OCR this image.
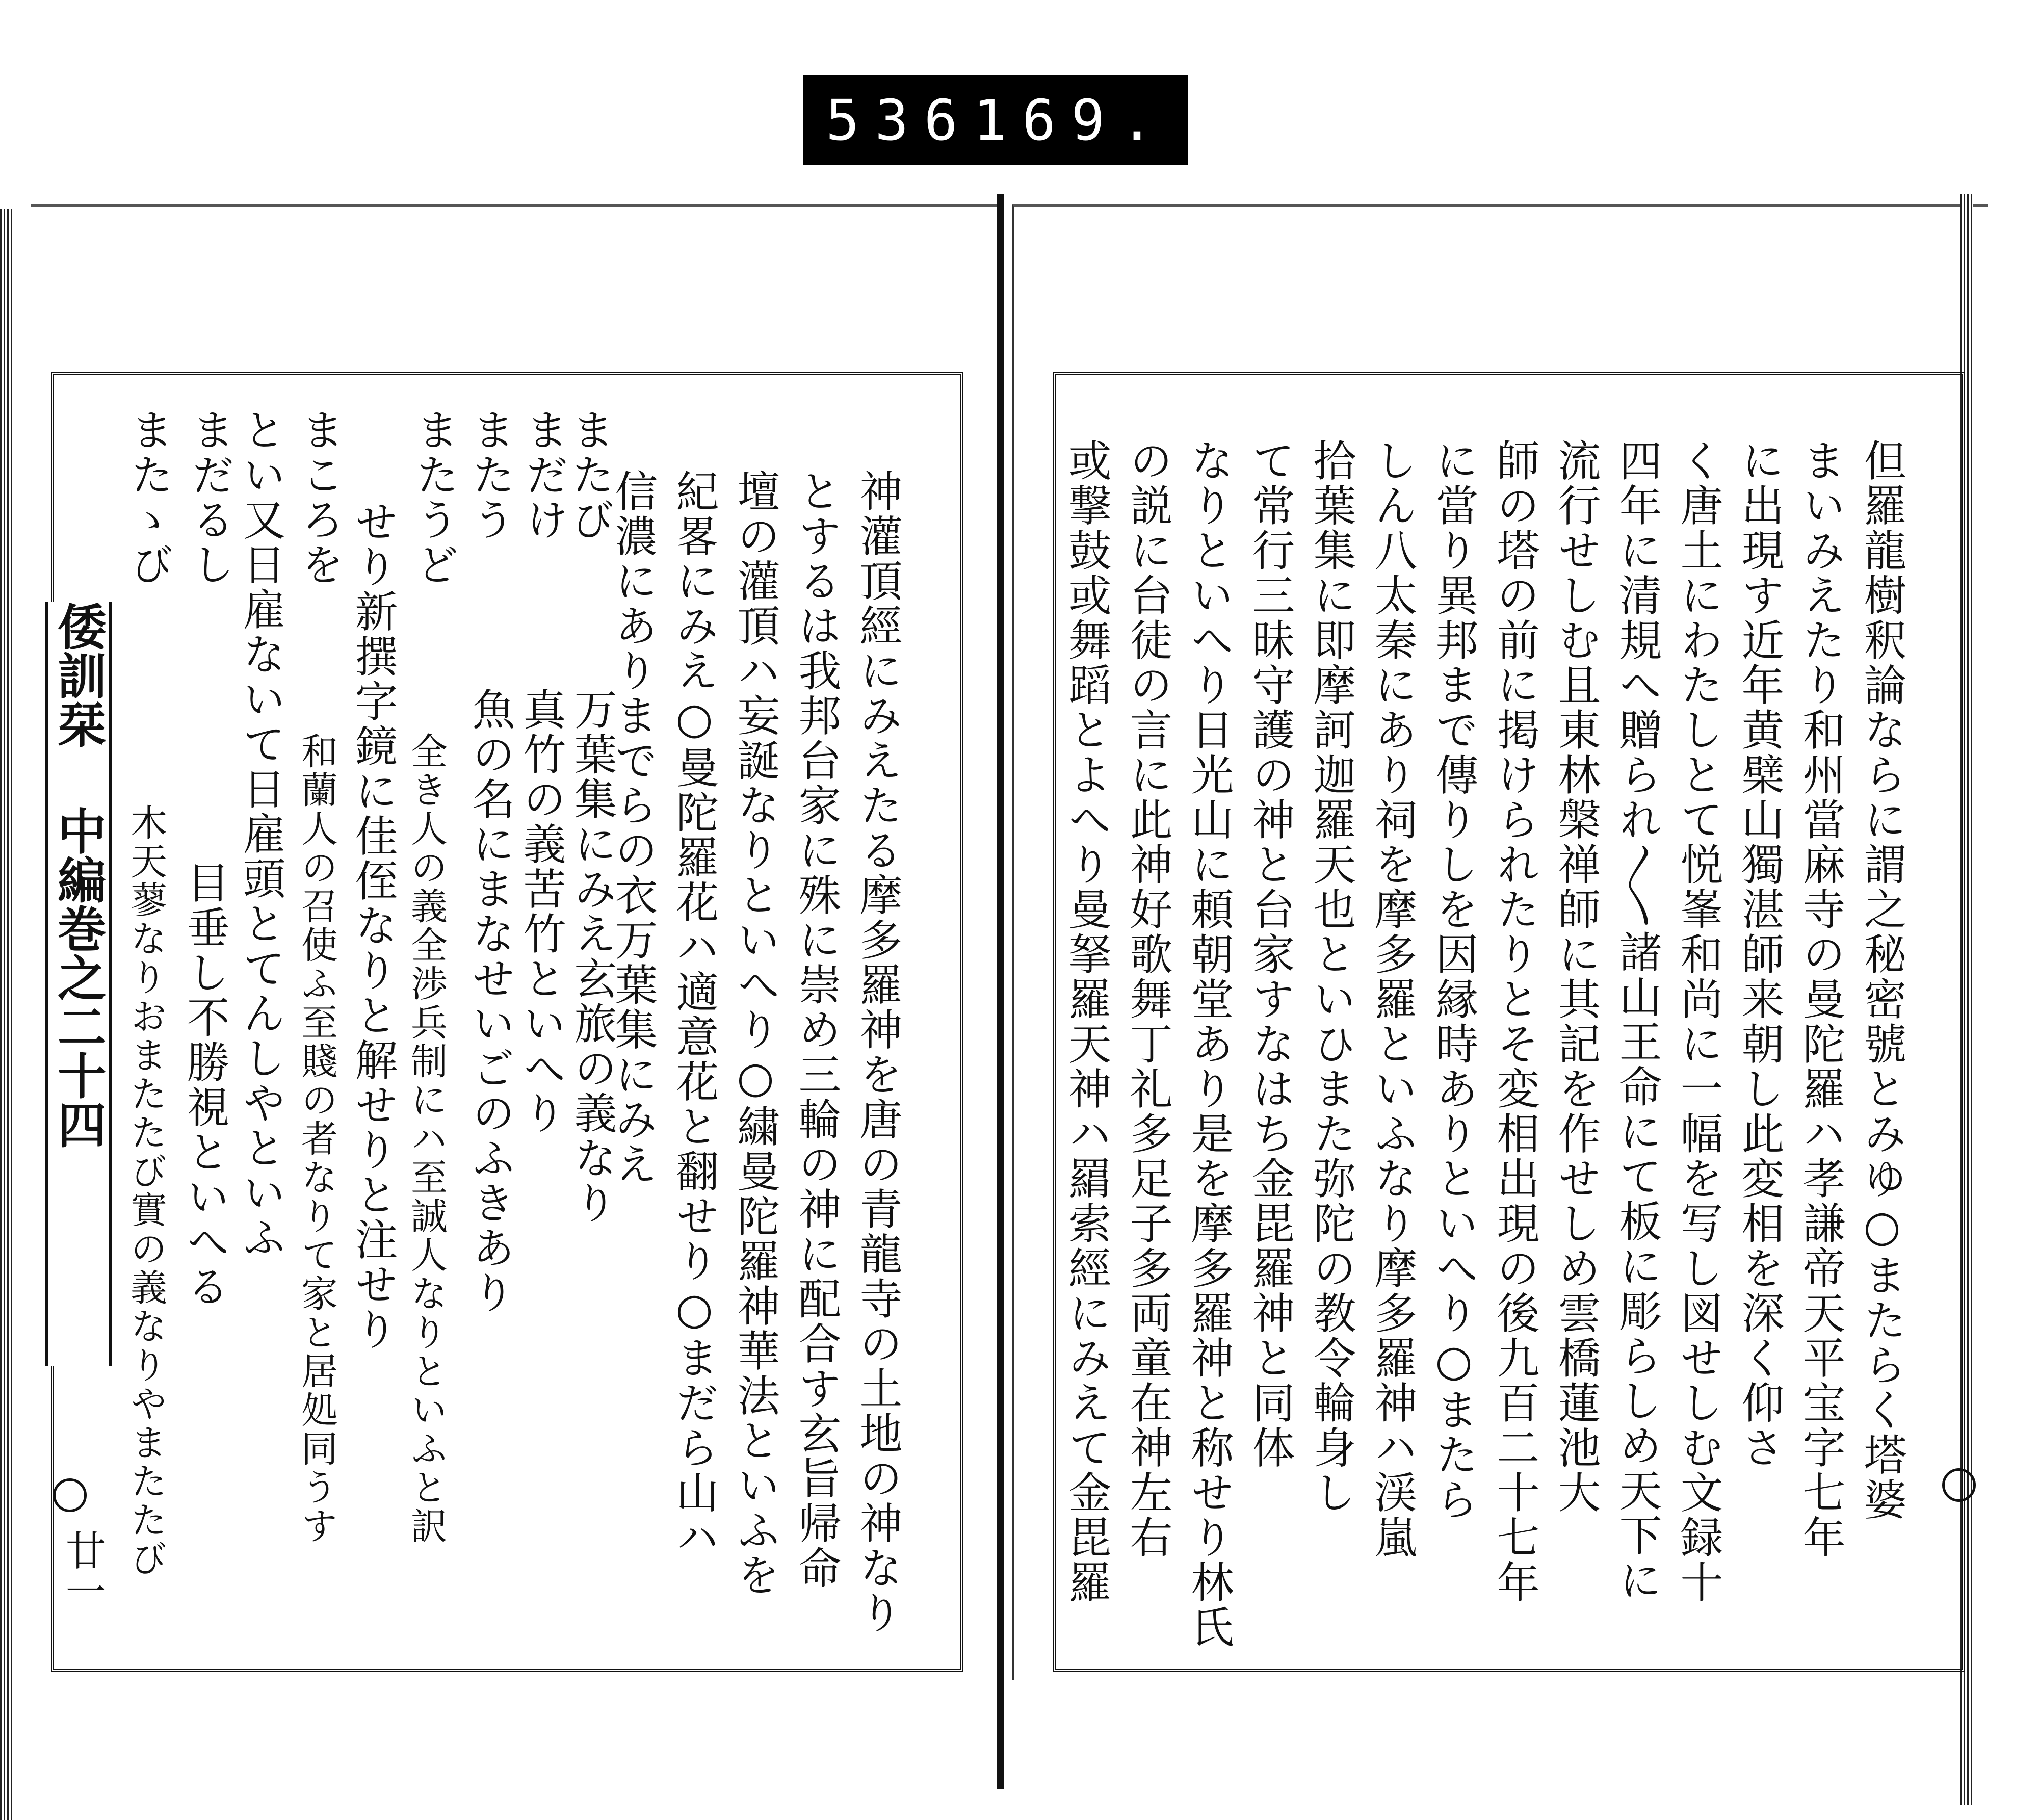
536 169.
倭訓栞 中編巻之二十四
廿一	神灌頂經にみえたる摩多羅神を唐の青龍寺の土地の神なり
とするは我邦台家に殊に崇め三輪の神に配合す玄旨帰命
壇の灌頂ハ妄誕なりといへり○繍曼陀羅神華法といふを
紀畧にみえ○曼陀羅花ハ適意花と翻せり○まだら山ハ
信濃にありまでらの衣万葉集にみえ
　万葉集にみえ玄旅の義なり
またび
　真竹の義苦竹といへり
まだけ
　魚の名にまなせいごのふきあり
またう
　全き人の義全渉兵制にハ至誠人なりといふと訳
またうど
せり新撰字鏡に佳侄なりと解せりと注せり
　和蘭人の召使ふ至賤の者なりて家と居処同うす
まころを
とい又日雇ないて日雇頭とてんしやといふ
　目垂し不勝視といへる
まだるし
　木天蓼なりおまたたび實の義なりやまたたび
またゝび	但羅龍樹釈論ならに謂之秘密號とみゆ○またらく塔婆
まいみえたり和州當麻寺の曼陀羅ハ孝謙帝天平宝字七年
に出現す近年黄檗山獨湛師来朝し此変相を深く仰さ
く唐土にわたしとて悦峯和尚に一幅を写し図せしむ文録十
四年に清規へ贈られ〳〵諸山王命にて板に彫らしめ天下に
流行せしむ且東林槃禅師に其記を作せしめ雲橋蓮池大
師の塔の前に掲けられたりとそ変相出現の後九百二十七年
に當り異邦まで傳りしを因縁時ありといへり○またら
しん八太秦にあり祠を摩多羅といふなり摩多羅神ハ渓嵐
拾葉集に即摩訶迦羅天也といひまた弥陀の教令輪身し
て常行三昧守護の神と台家すなはち金毘羅神と同体
なりといへり日光山に頼朝堂あり是を摩多羅神と称せり林氏
の説に台徒の言に此神好歌舞丁礼多足子多両童在神左右
或撃鼓或舞蹈とよへり曼拏羅天神ハ羂索經にみえて金毘羅
